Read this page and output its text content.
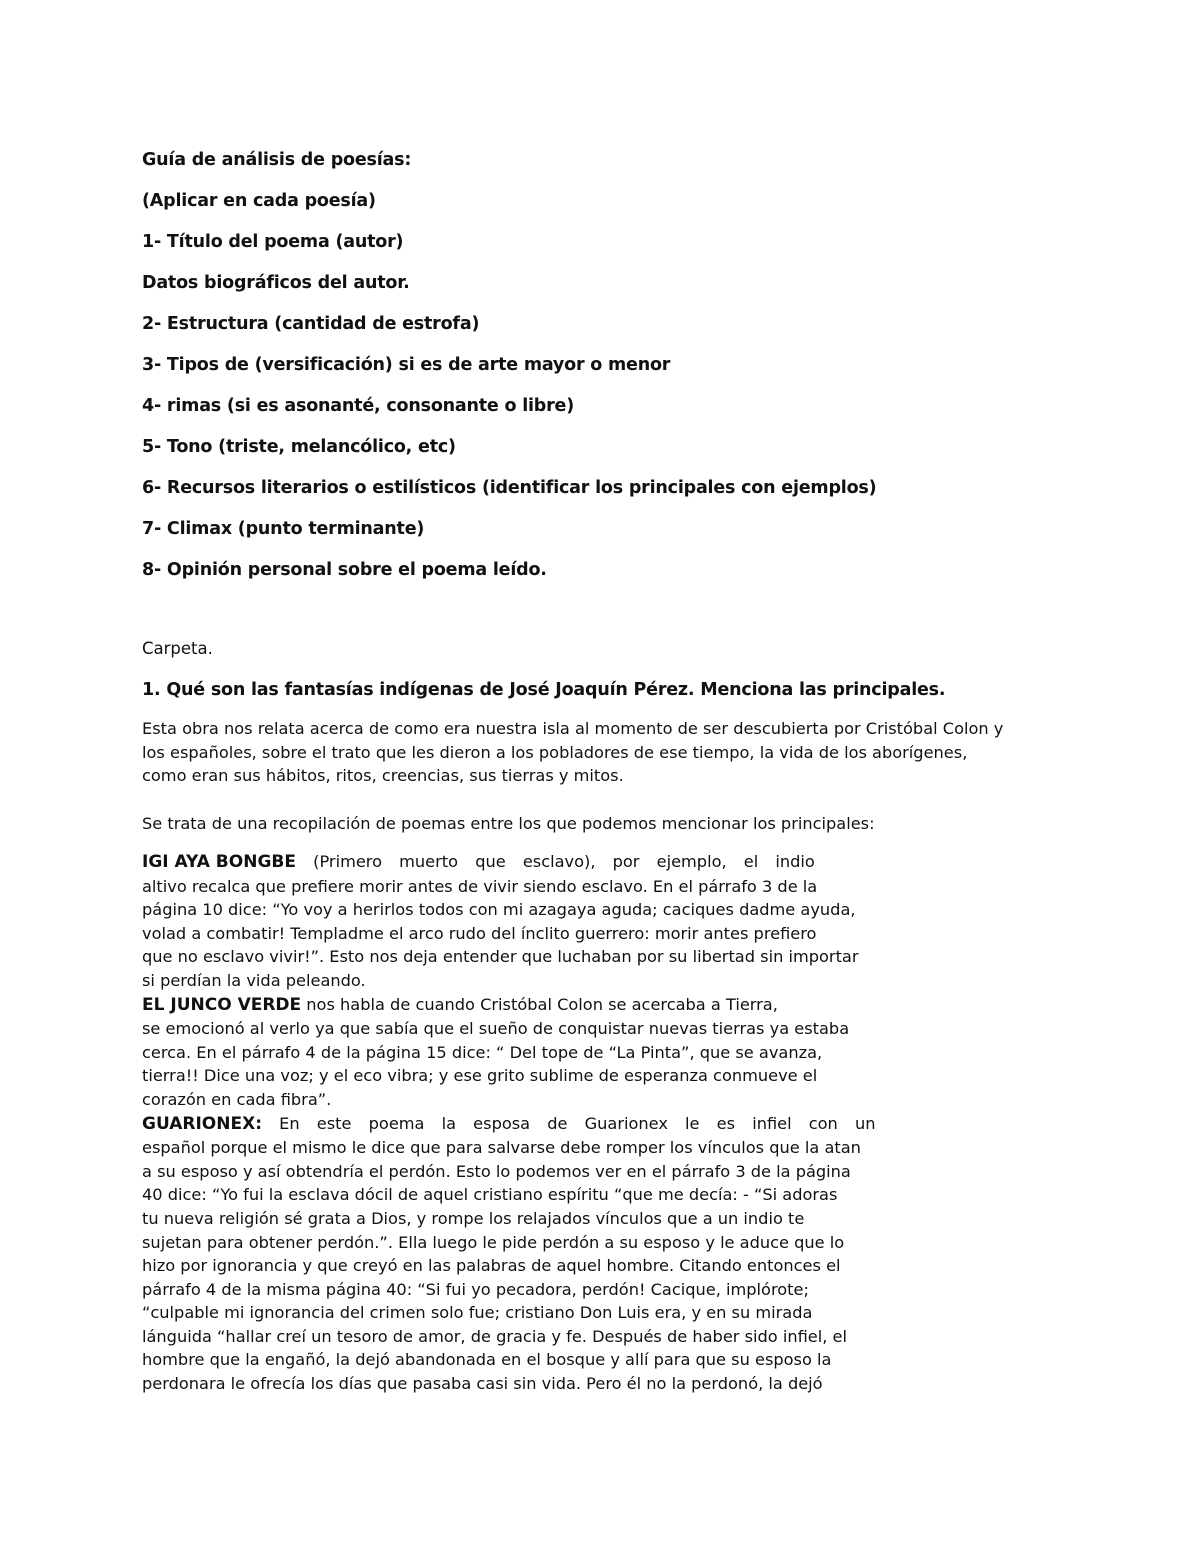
Guía de análisis de poesías:
(Aplicar en cada poesía)
1- Título del poema (autor)
Datos biográficos del autor.
2- Estructura (cantidad de estrofa)
3- Tipos de (versificación) si es de arte mayor o menor
4- rimas (si es asonanté, consonante o libre)
5- Tono (triste, melancólico, etc)
6- Recursos literarios o estilísticos (identificar los principales con ejemplos)
7- Climax (punto terminante)
8- Opinión personal sobre el poema leído.
Carpeta.
1. Qué son las fantasías indígenas de José Joaquín Pérez. Menciona las principales.
Esta obra nos relata acerca de como era nuestra isla al momento de ser descubierta por Cristóbal Colon y
los españoles, sobre el trato que les dieron a los pobladores de ese tiempo, la vida de los aborígenes,
como eran sus hábitos, ritos, creencias, sus tierras y mitos.
Se trata de una recopilación de poemas entre los que podemos mencionar los principales:
IGI AYA BONGBE (Primero muerto que esclavo), por ejemplo, el indio
altivo recalca que prefiere morir antes de vivir siendo esclavo. En el párrafo 3 de la
página 10 dice: “Yo voy a herirlos todos con mi azagaya aguda; caciques dadme ayuda,
volad a combatir! Templadme el arco rudo del ínclito guerrero: morir antes prefiero
que no esclavo vivir!”. Esto nos deja entender que luchaban por su libertad sin importar
si perdían la vida peleando.
EL JUNCO VERDE nos habla de cuando Cristóbal Colon se acercaba a Tierra,
se emocionó al verlo ya que sabía que el sueño de conquistar nuevas tierras ya estaba
cerca. En el párrafo 4 de la página 15 dice: “ Del tope de “La Pinta”, que se avanza,
tierra!! Dice una voz; y el eco vibra; y ese grito sublime de esperanza conmueve el
corazón en cada fibra”.
GUARIONEX: En este poema la esposa de Guarionex le es infiel con un
español porque el mismo le dice que para salvarse debe romper los vínculos que la atan
a su esposo y así obtendría el perdón. Esto lo podemos ver en el párrafo 3 de la página
40 dice: “Yo fui la esclava dócil de aquel cristiano espíritu “que me decía: - “Si adoras
tu nueva religión sé grata a Dios, y rompe los relajados vínculos que a un indio te
sujetan para obtener perdón.”. Ella luego le pide perdón a su esposo y le aduce que lo
hizo por ignorancia y que creyó en las palabras de aquel hombre. Citando entonces el
párrafo 4 de la misma página 40: “Si fui yo pecadora, perdón! Cacique, implórote;
“culpable mi ignorancia del crimen solo fue; cristiano Don Luis era, y en su mirada
lánguida “hallar creí un tesoro de amor, de gracia y fe. Después de haber sido infiel, el
hombre que la engañó, la dejó abandonada en el bosque y allí para que su esposo la
perdonara le ofrecía los días que pasaba casi sin vida. Pero él no la perdonó, la dejó
